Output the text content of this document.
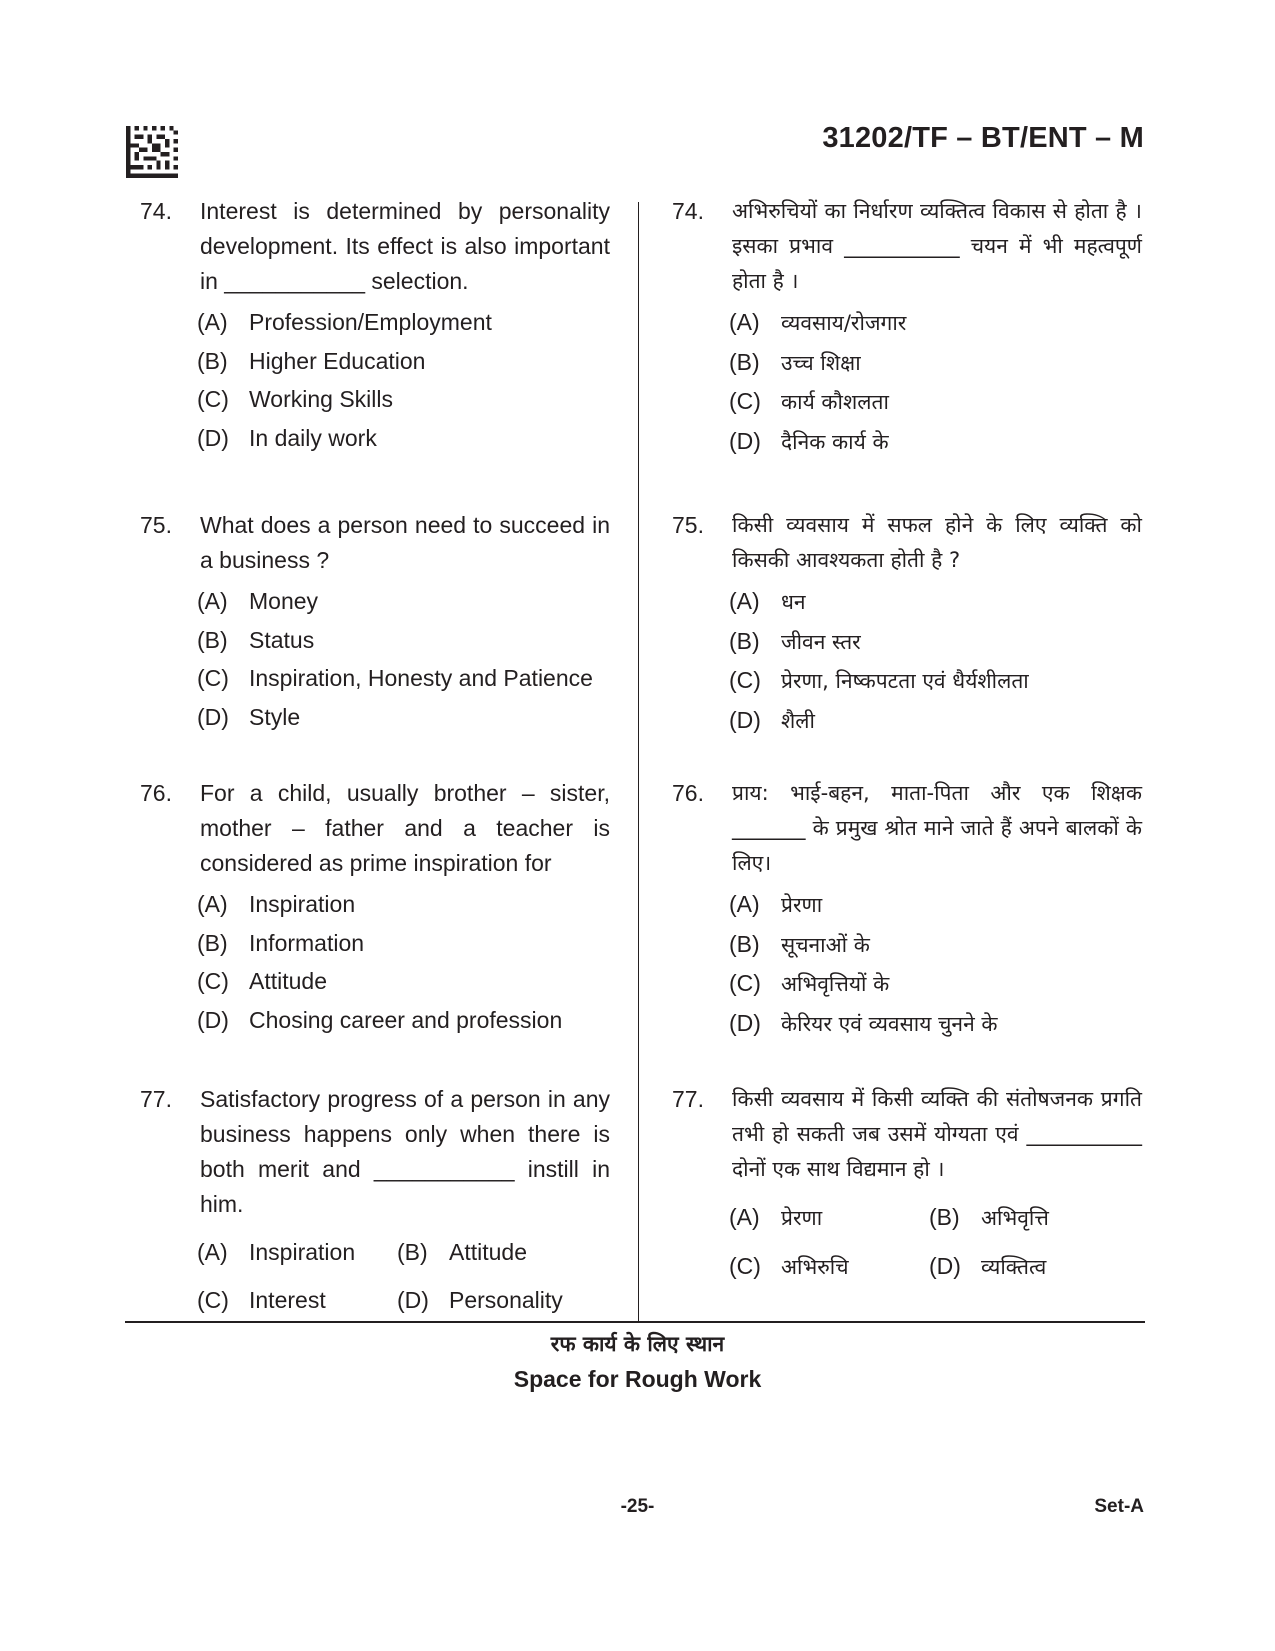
31202/TF – BT/ENT – M
74. Interest is determined by personality development. Its effect is also important in ___________ selection.
(A) Profession/Employment
(B) Higher Education
(C) Working Skills
(D) In daily work
75. What does a person need to succeed in a business ?
(A) Money
(B) Status
(C) Inspiration, Honesty and Patience
(D) Style
76. For a child, usually brother – sister, mother – father and a teacher is considered as prime inspiration for
(A) Inspiration
(B) Information
(C) Attitude
(D) Chosing career and profession
77. Satisfactory progress of a person in any business happens only when there is both merit and ___________ instill in him.
(A) Inspiration	(B) Attitude
(C) Interest	(D) Personality
74. अभिरुचियों का निर्धारण व्यक्तित्व विकास से होता है । इसका प्रभाव ___________ चयन में भी महत्वपूर्ण होता है ।
(A) व्यवसाय/रोजगार
(B) उच्च शिक्षा
(C) कार्य कौशलता
(D) दैनिक कार्य के
75. किसी व्यवसाय में सफल होने के लिए व्यक्ति को किसकी आवश्यकता होती है ?
(A) धन
(B) जीवन स्तर
(C) प्रेरणा, निष्कपटता एवं धैर्यशीलता
(D) शैली
76. प्राय: भाई-बहन, माता-पिता और एक शिक्षक _______ के प्रमुख श्रोत माने जाते हैं अपने बालकों के लिए।
(A) प्रेरणा
(B) सूचनाओं के
(C) अभिवृत्तियों के
(D) केरियर एवं व्यवसाय चुनने के
77. किसी व्यवसाय में किसी व्यक्ति की संतोषजनक प्रगति तभी हो सकती जब उसमें योग्यता एवं ___________ दोनों एक साथ विद्यमान हो ।
(A) प्रेरणा	(B) अभिवृत्ति
(C) अभिरुचि	(D) व्यक्तित्व
रफ कार्य के लिए स्थान
Space for Rough Work
-25-	Set-A
